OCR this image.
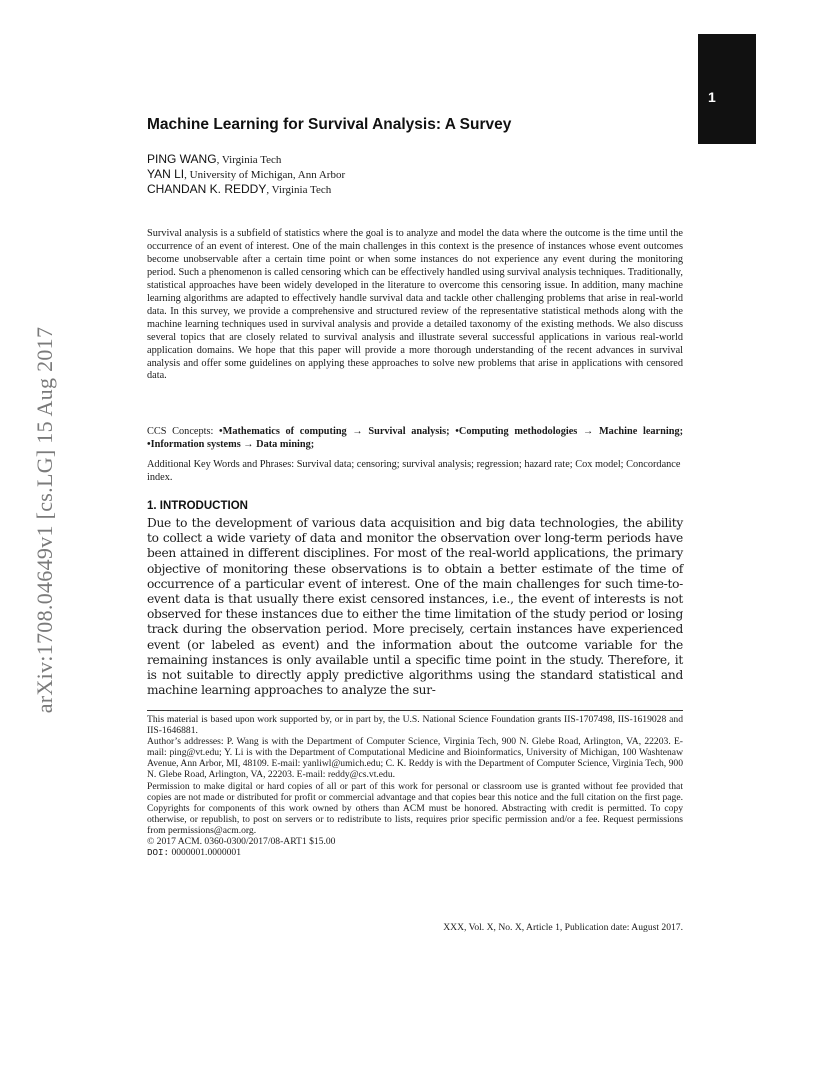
1
arXiv:1708.04649v1 [cs.LG] 15 Aug 2017
Machine Learning for Survival Analysis: A Survey
PING WANG, Virginia Tech
YAN LI, University of Michigan, Ann Arbor
CHANDAN K. REDDY, Virginia Tech

Survival analysis is a subfield of statistics where the goal is to analyze and model the data where the outcome is the time until the occurrence of an event of interest. One of the main challenges in this context is the presence of instances whose event outcomes become unobservable after a certain time point or when some instances do not experience any event during the monitoring period. Such a phenomenon is called censoring which can be effectively handled using survival analysis techniques. Traditionally, statistical approaches have been widely developed in the literature to overcome this censoring issue. In addition, many machine learning algorithms are adapted to effectively handle survival data and tackle other challenging problems that arise in real-world data. In this survey, we provide a comprehensive and structured review of the representative statistical methods along with the machine learning techniques used in survival analysis and provide a detailed taxonomy of the existing methods. We also discuss several topics that are closely related to survival analysis and illustrate several successful applications in various real-world application domains. We hope that this paper will provide a more thorough understanding of the recent advances in survival analysis and offer some guidelines on applying these approaches to solve new problems that arise in applications with censored data.

CCS Concepts: •Mathematics of computing → Survival analysis; •Computing methodologies → Machine learning; •Information systems → Data mining;

Additional Key Words and Phrases: Survival data; censoring; survival analysis; regression; hazard rate; Cox model; Concordance index.

1. INTRODUCTION

Due to the development of various data acquisition and big data technologies, the ability to collect a wide variety of data and monitor the observation over long-term periods have been attained in different disciplines. For most of the real-world applications, the primary objective of monitoring these observations is to obtain a better estimate of the time of occurrence of a particular event of interest. One of the main challenges for such time-to-event data is that usually there exist censored instances, i.e., the event of interests is not observed for these instances due to either the time limitation of the study period or losing track during the observation period. More precisely, certain instances have experienced event (or labeled as event) and the information about the outcome variable for the remaining instances is only available until a specific time point in the study. Therefore, it is not suitable to directly apply predictive algorithms using the standard statistical and machine learning approaches to analyze the sur-

This material is based upon work supported by, or in part by, the U.S. National Science Foundation grants IIS-1707498, IIS-1619028 and IIS-1646881.

Author’s addresses: P. Wang is with the Department of Computer Science, Virginia Tech, 900 N. Glebe Road, Arlington, VA, 22203. E-mail: ping@vt.edu; Y. Li is with the Department of Computational Medicine and Bioinformatics, University of Michigan, 100 Washtenaw Avenue, Ann Arbor, MI, 48109. E-mail: yanliwl@umich.edu; C. K. Reddy is with the Department of Computer Science, Virginia Tech, 900 N. Glebe Road, Arlington, VA, 22203. E-mail: reddy@cs.vt.edu.

Permission to make digital or hard copies of all or part of this work for personal or classroom use is granted without fee provided that copies are not made or distributed for profit or commercial advantage and that copies bear this notice and the full citation on the first page. Copyrights for components of this work owned by others than ACM must be honored. Abstracting with credit is permitted. To copy otherwise, or republish, to post on servers or to redistribute to lists, requires prior specific permission and/or a fee. Request permissions from permissions@acm.org.

© 2017 ACM. 0360-0300/2017/08-ART1 $15.00

DOI: 0000001.0000001

XXX, Vol. X, No. X, Article 1, Publication date: August 2017.
